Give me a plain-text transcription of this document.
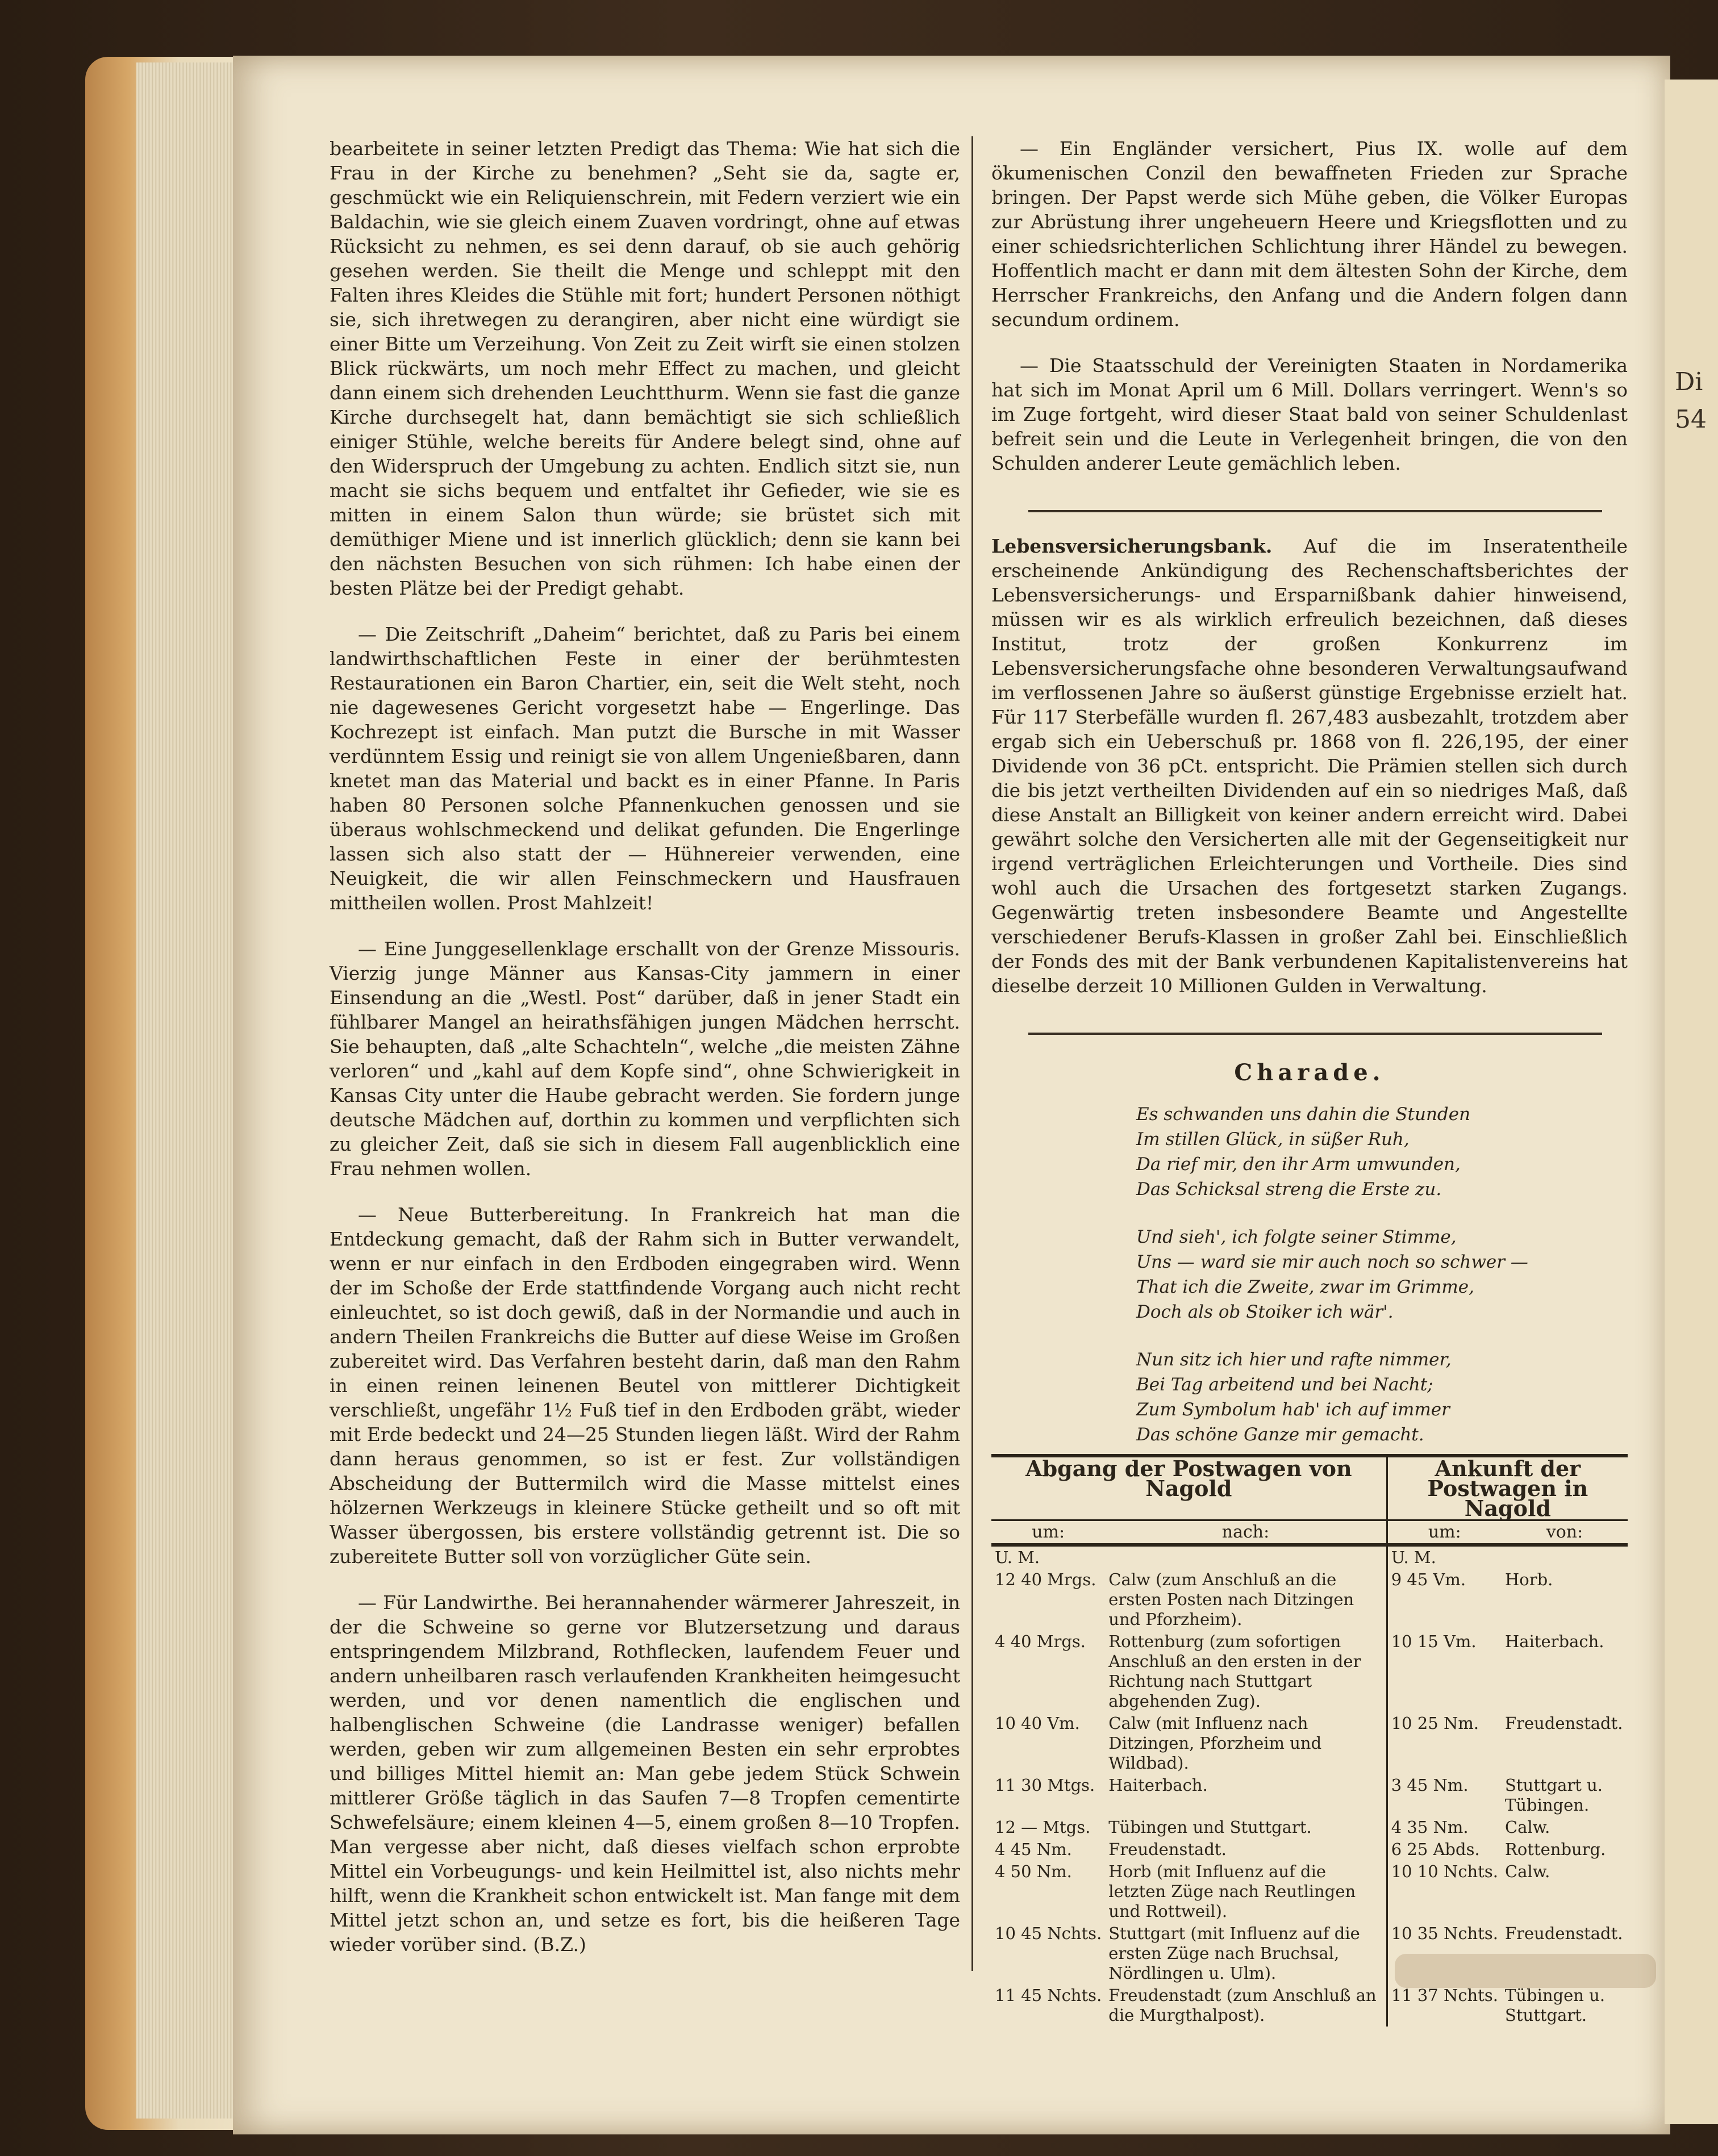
Di
54

bearbeitete in seiner letzten Predigt das Thema: Wie hat sich die Frau in der Kirche zu benehmen? „Seht sie da, sagte er, geschmückt wie ein Reliquienschrein, mit Federn verziert wie ein Baldachin, wie sie gleich einem Zuaven vordringt, ohne auf etwas Rücksicht zu nehmen, es sei denn darauf, ob sie auch gehörig gesehen werden. Sie theilt die Menge und schleppt mit den Falten ihres Kleides die Stühle mit fort; hundert Personen nöthigt sie, sich ihretwegen zu derangiren, aber nicht eine würdigt sie einer Bitte um Verzeihung. Von Zeit zu Zeit wirft sie einen stolzen Blick rückwärts, um noch mehr Effect zu machen, und gleicht dann einem sich drehenden Leuchtthurm. Wenn sie fast die ganze Kirche durchsegelt hat, dann bemächtigt sie sich schließlich einiger Stühle, welche bereits für Andere belegt sind, ohne auf den Widerspruch der Umgebung zu achten. Endlich sitzt sie, nun macht sie sichs bequem und entfaltet ihr Gefieder, wie sie es mitten in einem Salon thun würde; sie brüstet sich mit demüthiger Miene und ist innerlich glücklich; denn sie kann bei den nächsten Besuchen von sich rühmen: Ich habe einen der besten Plätze bei der Predigt gehabt.

— Die Zeitschrift „Daheim“ berichtet, daß zu Paris bei einem landwirthschaftlichen Feste in einer der berühmtesten Restaurationen ein Baron Chartier, ein, seit die Welt steht, noch nie dagewesenes Gericht vorgesetzt habe — Engerlinge. Das Kochrezept ist einfach. Man putzt die Bursche in mit Wasser verdünntem Essig und reinigt sie von allem Ungenießbaren, dann knetet man das Material und backt es in einer Pfanne. In Paris haben 80 Personen solche Pfannenkuchen genossen und sie überaus wohlschmeckend und delikat gefunden. Die Engerlinge lassen sich also statt der — Hühnereier verwenden, eine Neuigkeit, die wir allen Feinschmeckern und Hausfrauen mittheilen wollen. Prost Mahlzeit!

— Eine Junggesellenklage erschallt von der Grenze Missouris. Vierzig junge Männer aus Kansas-City jammern in einer Einsendung an die „Westl. Post“ darüber, daß in jener Stadt ein fühlbarer Mangel an heirathsfähigen jungen Mädchen herrscht. Sie behaupten, daß „alte Schachteln“, welche „die meisten Zähne verloren“ und „kahl auf dem Kopfe sind“, ohne Schwierigkeit in Kansas City unter die Haube gebracht werden. Sie fordern junge deutsche Mädchen auf, dorthin zu kommen und verpflichten sich zu gleicher Zeit, daß sie sich in diesem Fall augenblicklich eine Frau nehmen wollen.

— Neue Butterbereitung. In Frankreich hat man die Entdeckung gemacht, daß der Rahm sich in Butter verwandelt, wenn er nur einfach in den Erdboden eingegraben wird. Wenn der im Schoße der Erde stattfindende Vorgang auch nicht recht einleuchtet, so ist doch gewiß, daß in der Normandie und auch in andern Theilen Frankreichs die Butter auf diese Weise im Großen zubereitet wird. Das Verfahren besteht darin, daß man den Rahm in einen reinen leinenen Beutel von mittlerer Dichtigkeit verschließt, ungefähr 1½ Fuß tief in den Erdboden gräbt, wieder mit Erde bedeckt und 24—25 Stunden liegen läßt. Wird der Rahm dann heraus genommen, so ist er fest. Zur vollständigen Abscheidung der Buttermilch wird die Masse mittelst eines hölzernen Werkzeugs in kleinere Stücke getheilt und so oft mit Wasser übergossen, bis erstere vollständig getrennt ist. Die so zubereitete Butter soll von vorzüglicher Güte sein.

— Für Landwirthe. Bei herannahender wärmerer Jahreszeit, in der die Schweine so gerne vor Blutzersetzung und daraus entspringendem Milzbrand, Rothflecken, laufendem Feuer und andern unheilbaren rasch verlaufenden Krankheiten heimgesucht werden, und vor denen namentlich die englischen und halbenglischen Schweine (die Landrasse weniger) befallen werden, geben wir zum allgemeinen Besten ein sehr erprobtes und billiges Mittel hiemit an: Man gebe jedem Stück Schwein mittlerer Größe täglich in das Saufen 7—8 Tropfen cementirte Schwefelsäure; einem kleinen 4—5, einem großen 8—10 Tropfen. Man vergesse aber nicht, daß dieses vielfach schon erprobte Mittel ein Vorbeugungs- und kein Heilmittel ist, also nichts mehr hilft, wenn die Krankheit schon entwickelt ist. Man fange mit dem Mittel jetzt schon an, und setze es fort, bis die heißeren Tage wieder vorüber sind. (B.Z.)

— Ein Engländer versichert, Pius IX. wolle auf dem ökumenischen Conzil den bewaffneten Frieden zur Sprache bringen. Der Papst werde sich Mühe geben, die Völker Europas zur Abrüstung ihrer ungeheuern Heere und Kriegsflotten und zu einer schiedsrichterlichen Schlichtung ihrer Händel zu bewegen. Hoffentlich macht er dann mit dem ältesten Sohn der Kirche, dem Herrscher Frankreichs, den Anfang und die Andern folgen dann secundum ordinem.

— Die Staatsschuld der Vereinigten Staaten in Nordamerika hat sich im Monat April um 6 Mill. Dollars verringert. Wenn's so im Zuge fortgeht, wird dieser Staat bald von seiner Schuldenlast befreit sein und die Leute in Verlegenheit bringen, die von den Schulden anderer Leute gemächlich leben.

Lebensversicherungsbank. Auf die im Inseratentheile erscheinende Ankündigung des Rechenschaftsberichtes der Lebensversicherungs- und Ersparnißbank dahier hinweisend, müssen wir es als wirklich erfreulich bezeichnen, daß dieses Institut, trotz der großen Konkurrenz im Lebensversicherungsfache ohne besonderen Verwaltungsaufwand im verflossenen Jahre so äußerst günstige Ergebnisse erzielt hat. Für 117 Sterbefälle wurden fl. 267,483 ausbezahlt, trotzdem aber ergab sich ein Ueberschuß pr. 1868 von fl. 226,195, der einer Dividende von 36 pCt. entspricht. Die Prämien stellen sich durch die bis jetzt vertheilten Dividenden auf ein so niedriges Maß, daß diese Anstalt an Billigkeit von keiner andern erreicht wird. Dabei gewährt solche den Versicherten alle mit der Gegenseitigkeit nur irgend verträglichen Erleichterungen und Vortheile. Dies sind wohl auch die Ursachen des fortgesetzt starken Zugangs. Gegenwärtig treten insbesondere Beamte und Angestellte verschiedener Berufs-Klassen in großer Zahl bei. Einschließlich der Fonds des mit der Bank verbundenen Kapitalistenvereins hat dieselbe derzeit 10 Millionen Gulden in Verwaltung.

Charade.
Es schwanden uns dahin die Stunden
Im stillen Glück, in süßer Ruh,
Da rief mir, den ihr Arm umwunden,
Das Schicksal streng die Erste zu.
Und sieh', ich folgte seiner Stimme,
Uns — ward sie mir auch noch so schwer —
That ich die Zweite, zwar im Grimme,
Doch als ob Stoiker ich wär'.
Nun sitz ich hier und rafte nimmer,
Bei Tag arbeitend und bei Nacht;
Zum Symbolum hab' ich auf immer
Das schöne Ganze mir gemacht.
Abgang der Postwagen von Nagold		Ankunft der Postwagen in Nagold	
um:	nach:	um:	von:
U. M.		U. M.	
12 40 Mrgs.	Calw (zum Anschluß an die ersten Posten nach Ditzingen und Pforzheim).	9 45 Vm.	Horb.
4 40 Mrgs.	Rottenburg (zum sofortigen Anschluß an den ersten in der Richtung nach Stuttgart abgehenden Zug).	10 15 Vm.	Haiterbach.
10 40 Vm.	Calw (mit Influenz nach Ditzingen, Pforzheim und Wildbad).	10 25 Nm.	Freudenstadt.
11 30 Mtgs.	Haiterbach.	3 45 Nm.	Stuttgart u. Tübingen.
12 — Mtgs.	Tübingen und Stuttgart.	4 35 Nm.	Calw.
4 45 Nm.	Freudenstadt.	6 25 Abds.	Rottenburg.
4 50 Nm.	Horb (mit Influenz auf die letzten Züge nach Reutlingen und Rottweil).	10 10 Nchts.	Calw.
10 45 Nchts.	Stuttgart (mit Influenz auf die ersten Züge nach Bruchsal, Nördlingen u. Ulm).	10 35 Nchts.	Freudenstadt.
11 45 Nchts.	Freudenstadt (zum Anschluß an die Murgthalpost).	11 37 Nchts.	Tübingen u. Stuttgart.
